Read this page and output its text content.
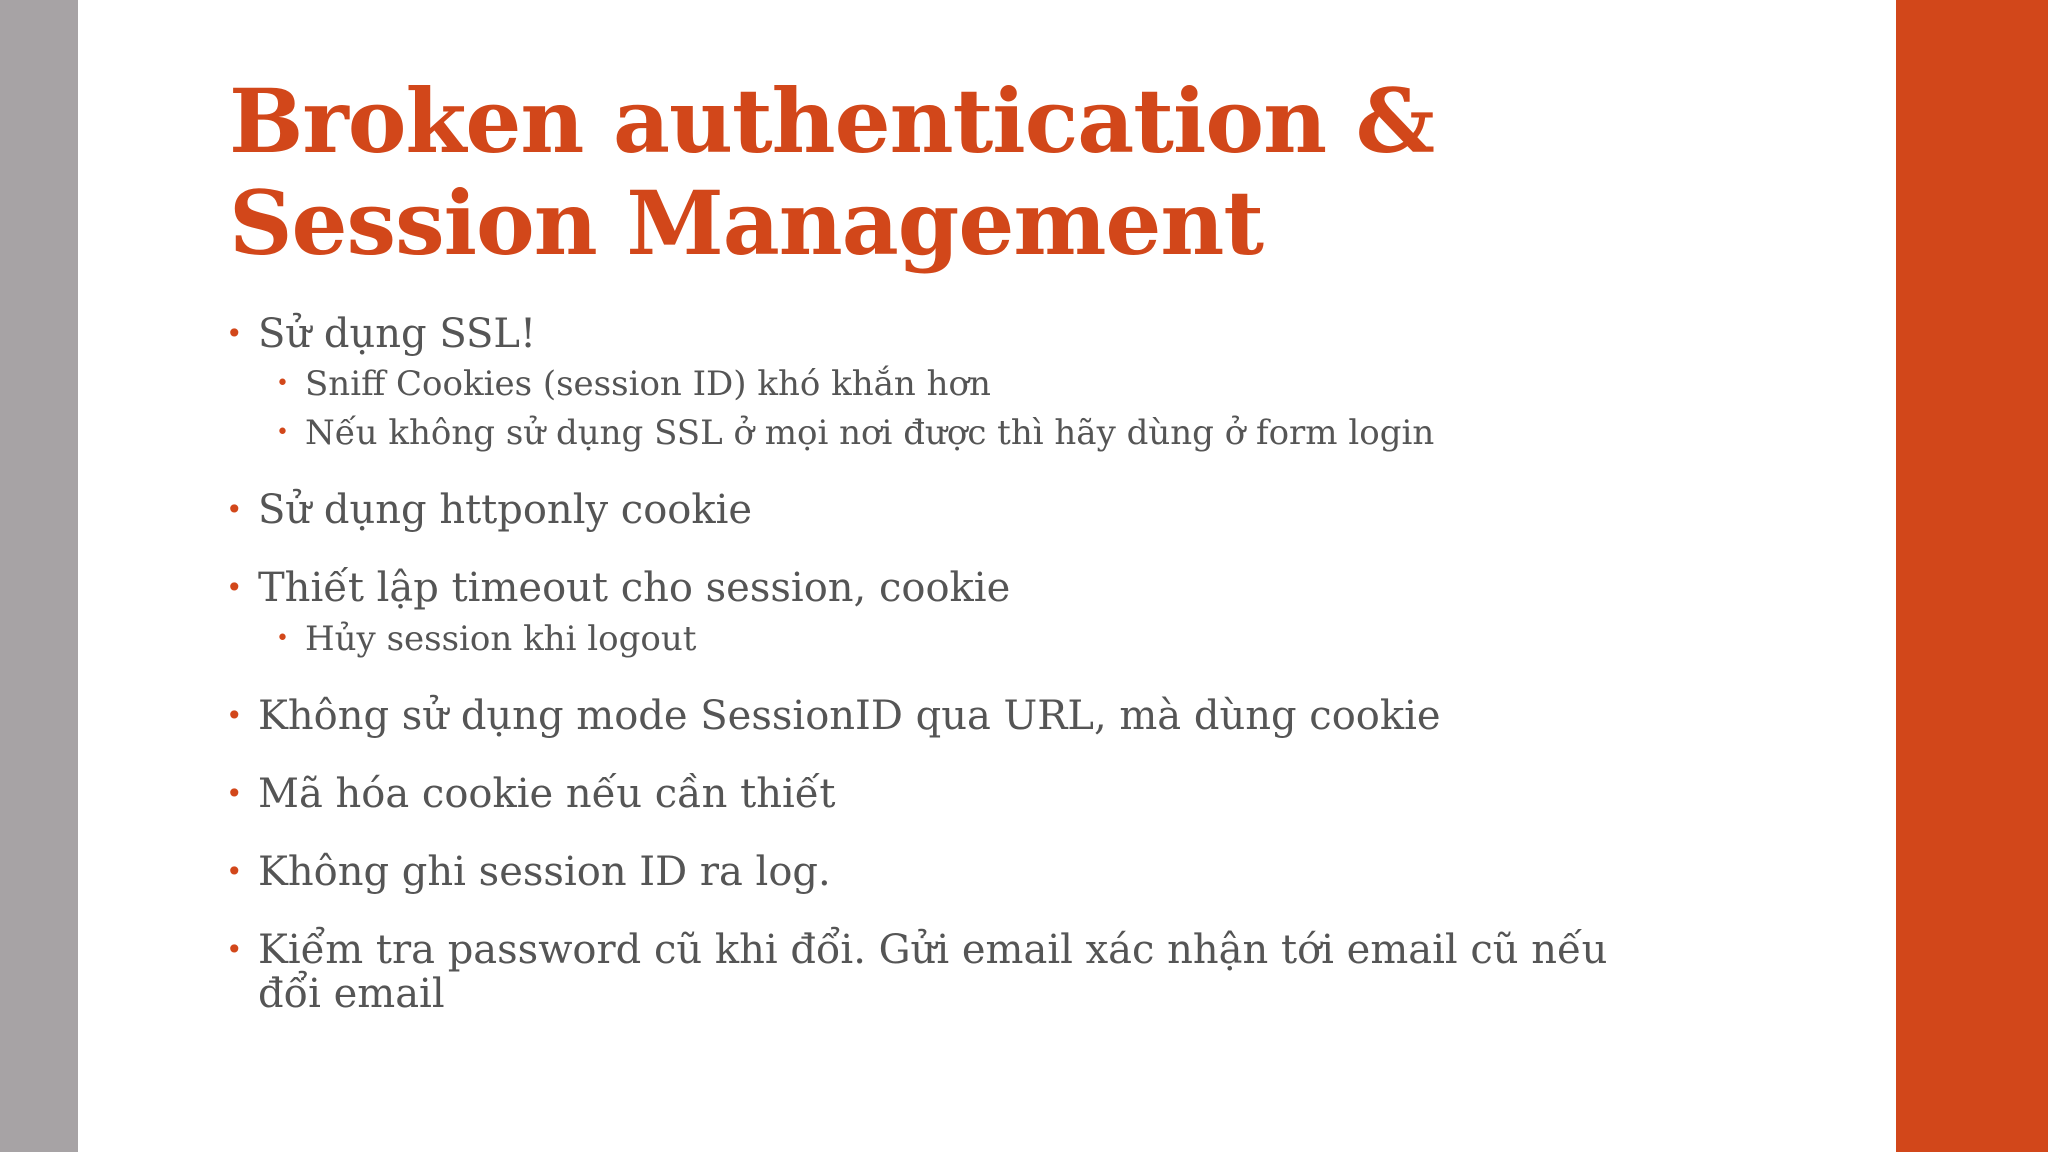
Broken authentication &
Session Management
• Sử dụng SSL!
• Sniff Cookies (session ID) khó khắn hơn
• Nếu không sử dụng SSL ở mọi nơi được thì hãy dùng ở form login
• Sử dụng httponly cookie
• Thiết lập timeout cho session, cookie
• Hủy session khi logout
• Không sử dụng mode SessionID qua URL, mà dùng cookie
• Mã hóa cookie nếu cần thiết
• Không ghi session ID ra log.
• Kiểm tra password cũ khi đổi. Gửi email xác nhận tới email cũ nếu
đổi email
